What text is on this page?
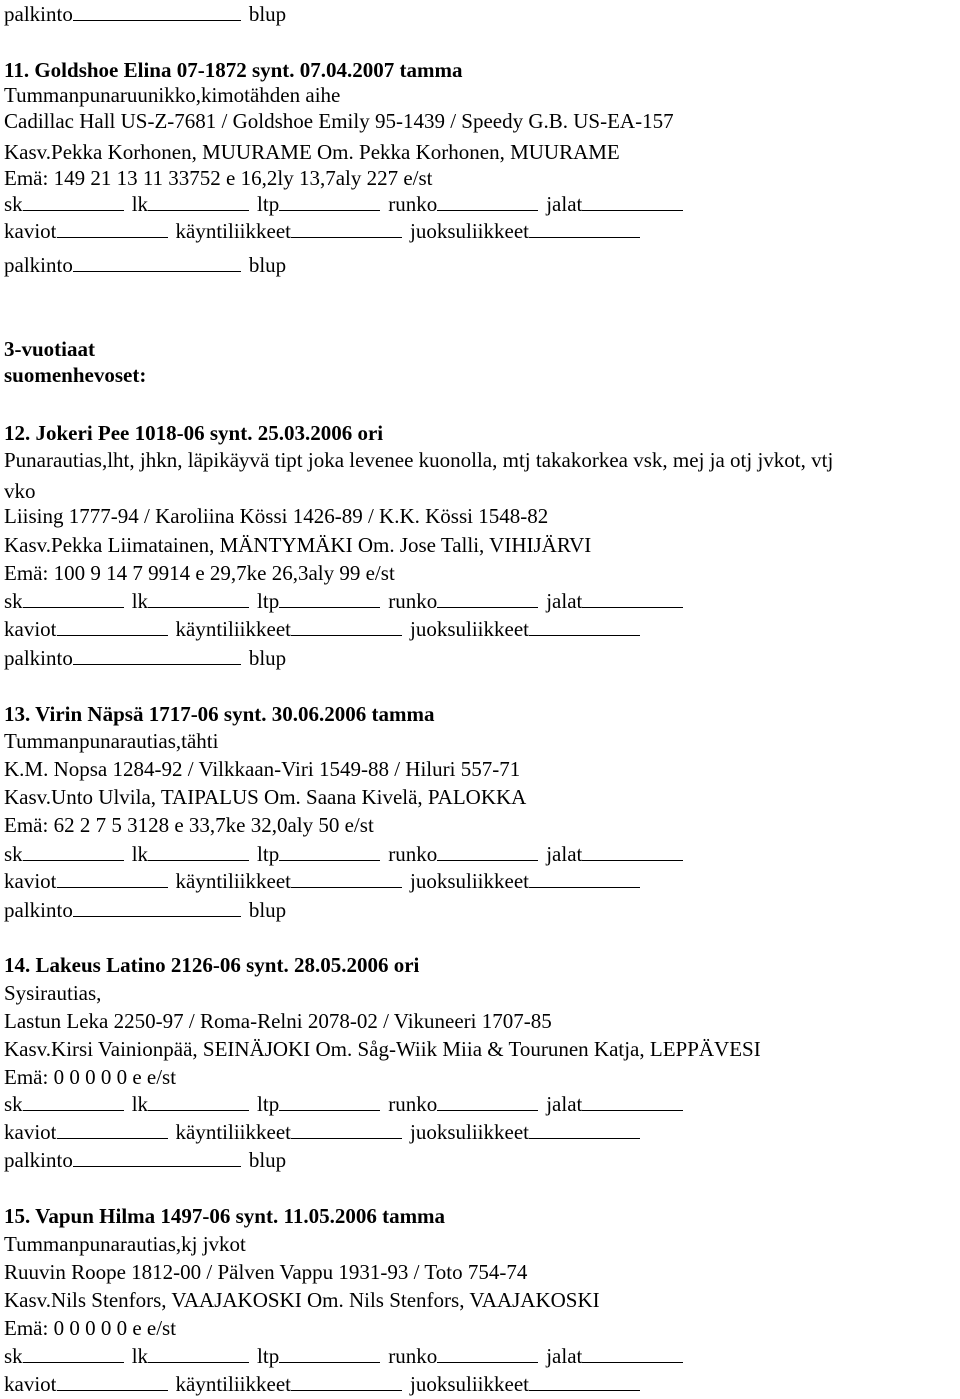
palkinto	blup
11. Goldshoe Elina 07-1872 synt. 07.04.2007 tamma
Tummanpunaruunikko,kimotähden aihe
Cadillac Hall US-Z-7681 / Goldshoe Emily 95-1439 / Speedy G.B. US-EA-157
Kasv.Pekka Korhonen, MUURAME Om. Pekka Korhonen, MUURAME
Emä: 149 21 13 11 33752 e 16,2ly 13,7aly 227 e/st
sk	lk	ltp	runko	jalat
kaviot	käyntiliikkeet	juoksuliikkeet
palkinto	blup
3-vuotiaat
suomenhevoset:
12. Jokeri Pee 1018-06 synt. 25.03.2006 ori
Punarautias,lht, jhkn, läpikäyvä tipt joka levenee kuonolla, mtj takakorkea vsk, mej ja otj jvkot, vtj
vko
Liising 1777-94 / Karoliina Kössi 1426-89 / K.K. Kössi 1548-82
Kasv.Pekka Liimatainen, MÄNTYMÄKI Om. Jose Talli, VIHIJÄRVI
Emä: 100 9 14 7 9914 e 29,7ke 26,3aly 99 e/st
sk	lk	ltp	runko	jalat
kaviot	käyntiliikkeet	juoksuliikkeet
palkinto	blup
13. Virin Näpsä 1717-06 synt. 30.06.2006 tamma
Tummanpunarautias,tähti
K.M. Nopsa 1284-92 / Vilkkaan-Viri 1549-88 / Hiluri 557-71
Kasv.Unto Ulvila, TAIPALUS Om. Saana Kivelä, PALOKKA
Emä: 62 2 7 5 3128 e 33,7ke 32,0aly 50 e/st
sk	lk	ltp	runko	jalat
kaviot	käyntiliikkeet	juoksuliikkeet
palkinto	blup
14. Lakeus Latino 2126-06 synt. 28.05.2006 ori
Sysirautias,
Lastun Leka 2250-97 / Roma-Relni 2078-02 / Vikuneeri 1707-85
Kasv.Kirsi Vainionpää, SEINÄJOKI Om. Såg-Wiik Miia & Tourunen Katja, LEPPÄVESI
Emä: 0 0 0 0 0 e e/st
sk	lk	ltp	runko	jalat
kaviot	käyntiliikkeet	juoksuliikkeet
palkinto	blup
15. Vapun Hilma 1497-06 synt. 11.05.2006 tamma
Tummanpunarautias,kj jvkot
Ruuvin Roope 1812-00 / Pälven Vappu 1931-93 / Toto 754-74
Kasv.Nils Stenfors, VAAJAKOSKI Om. Nils Stenfors, VAAJAKOSKI
Emä: 0 0 0 0 0 e e/st
sk	lk	ltp	runko	jalat
kaviot	käyntiliikkeet	juoksuliikkeet
